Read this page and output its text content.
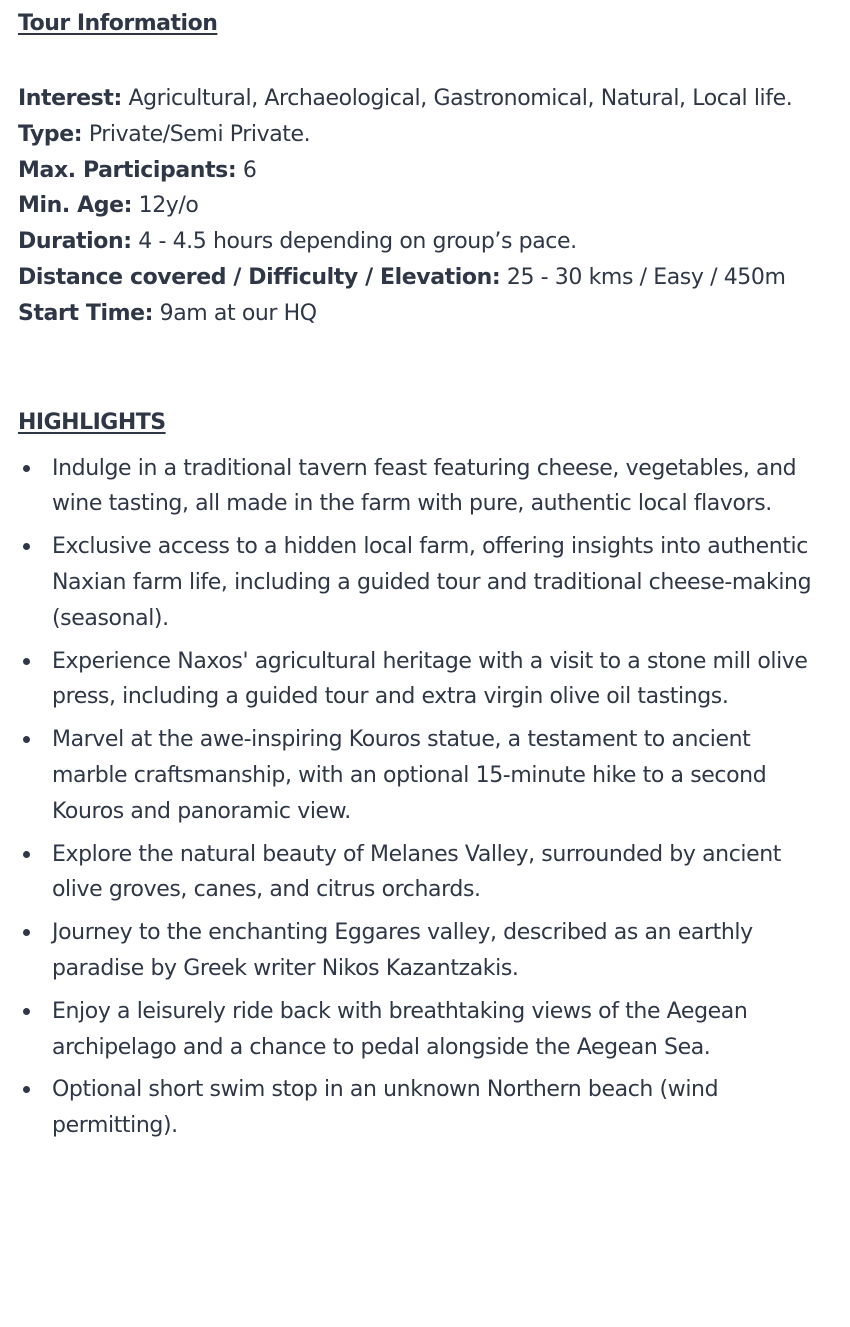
Tour Information
Interest: Agricultural, Archaeological, Gastronomical, Natural, Local life.
Type: Private/Semi Private.
Max. Participants: 6
Min. Age: 12y/o
Duration: 4 - 4.5 hours depending on group’s pace.
Distance covered / Difficulty / Elevation: 25 - 30 kms / Easy / 450m
Start Time: 9am at our HQ
HIGHLIGHTS
Indulge in a traditional tavern feast featuring cheese, vegetables, and wine tasting, all made in the farm with pure, authentic local flavors.
Exclusive access to a hidden local farm, offering insights into authentic Naxian farm life, including a guided tour and traditional cheese-making (seasonal).
Experience Naxos' agricultural heritage with a visit to a stone mill olive press, including a guided tour and extra virgin olive oil tastings.
Marvel at the awe-inspiring Kouros statue, a testament to ancient marble craftsmanship, with an optional 15-minute hike to a second Kouros and panoramic view.
Explore the natural beauty of Melanes Valley, surrounded by ancient olive groves, canes, and citrus orchards.
Journey to the enchanting Eggares valley, described as an earthly paradise by Greek writer Nikos Kazantzakis.
Enjoy a leisurely ride back with breathtaking views of the Aegean archipelago and a chance to pedal alongside the Aegean Sea.
Optional short swim stop in an unknown Northern beach (wind permitting).
